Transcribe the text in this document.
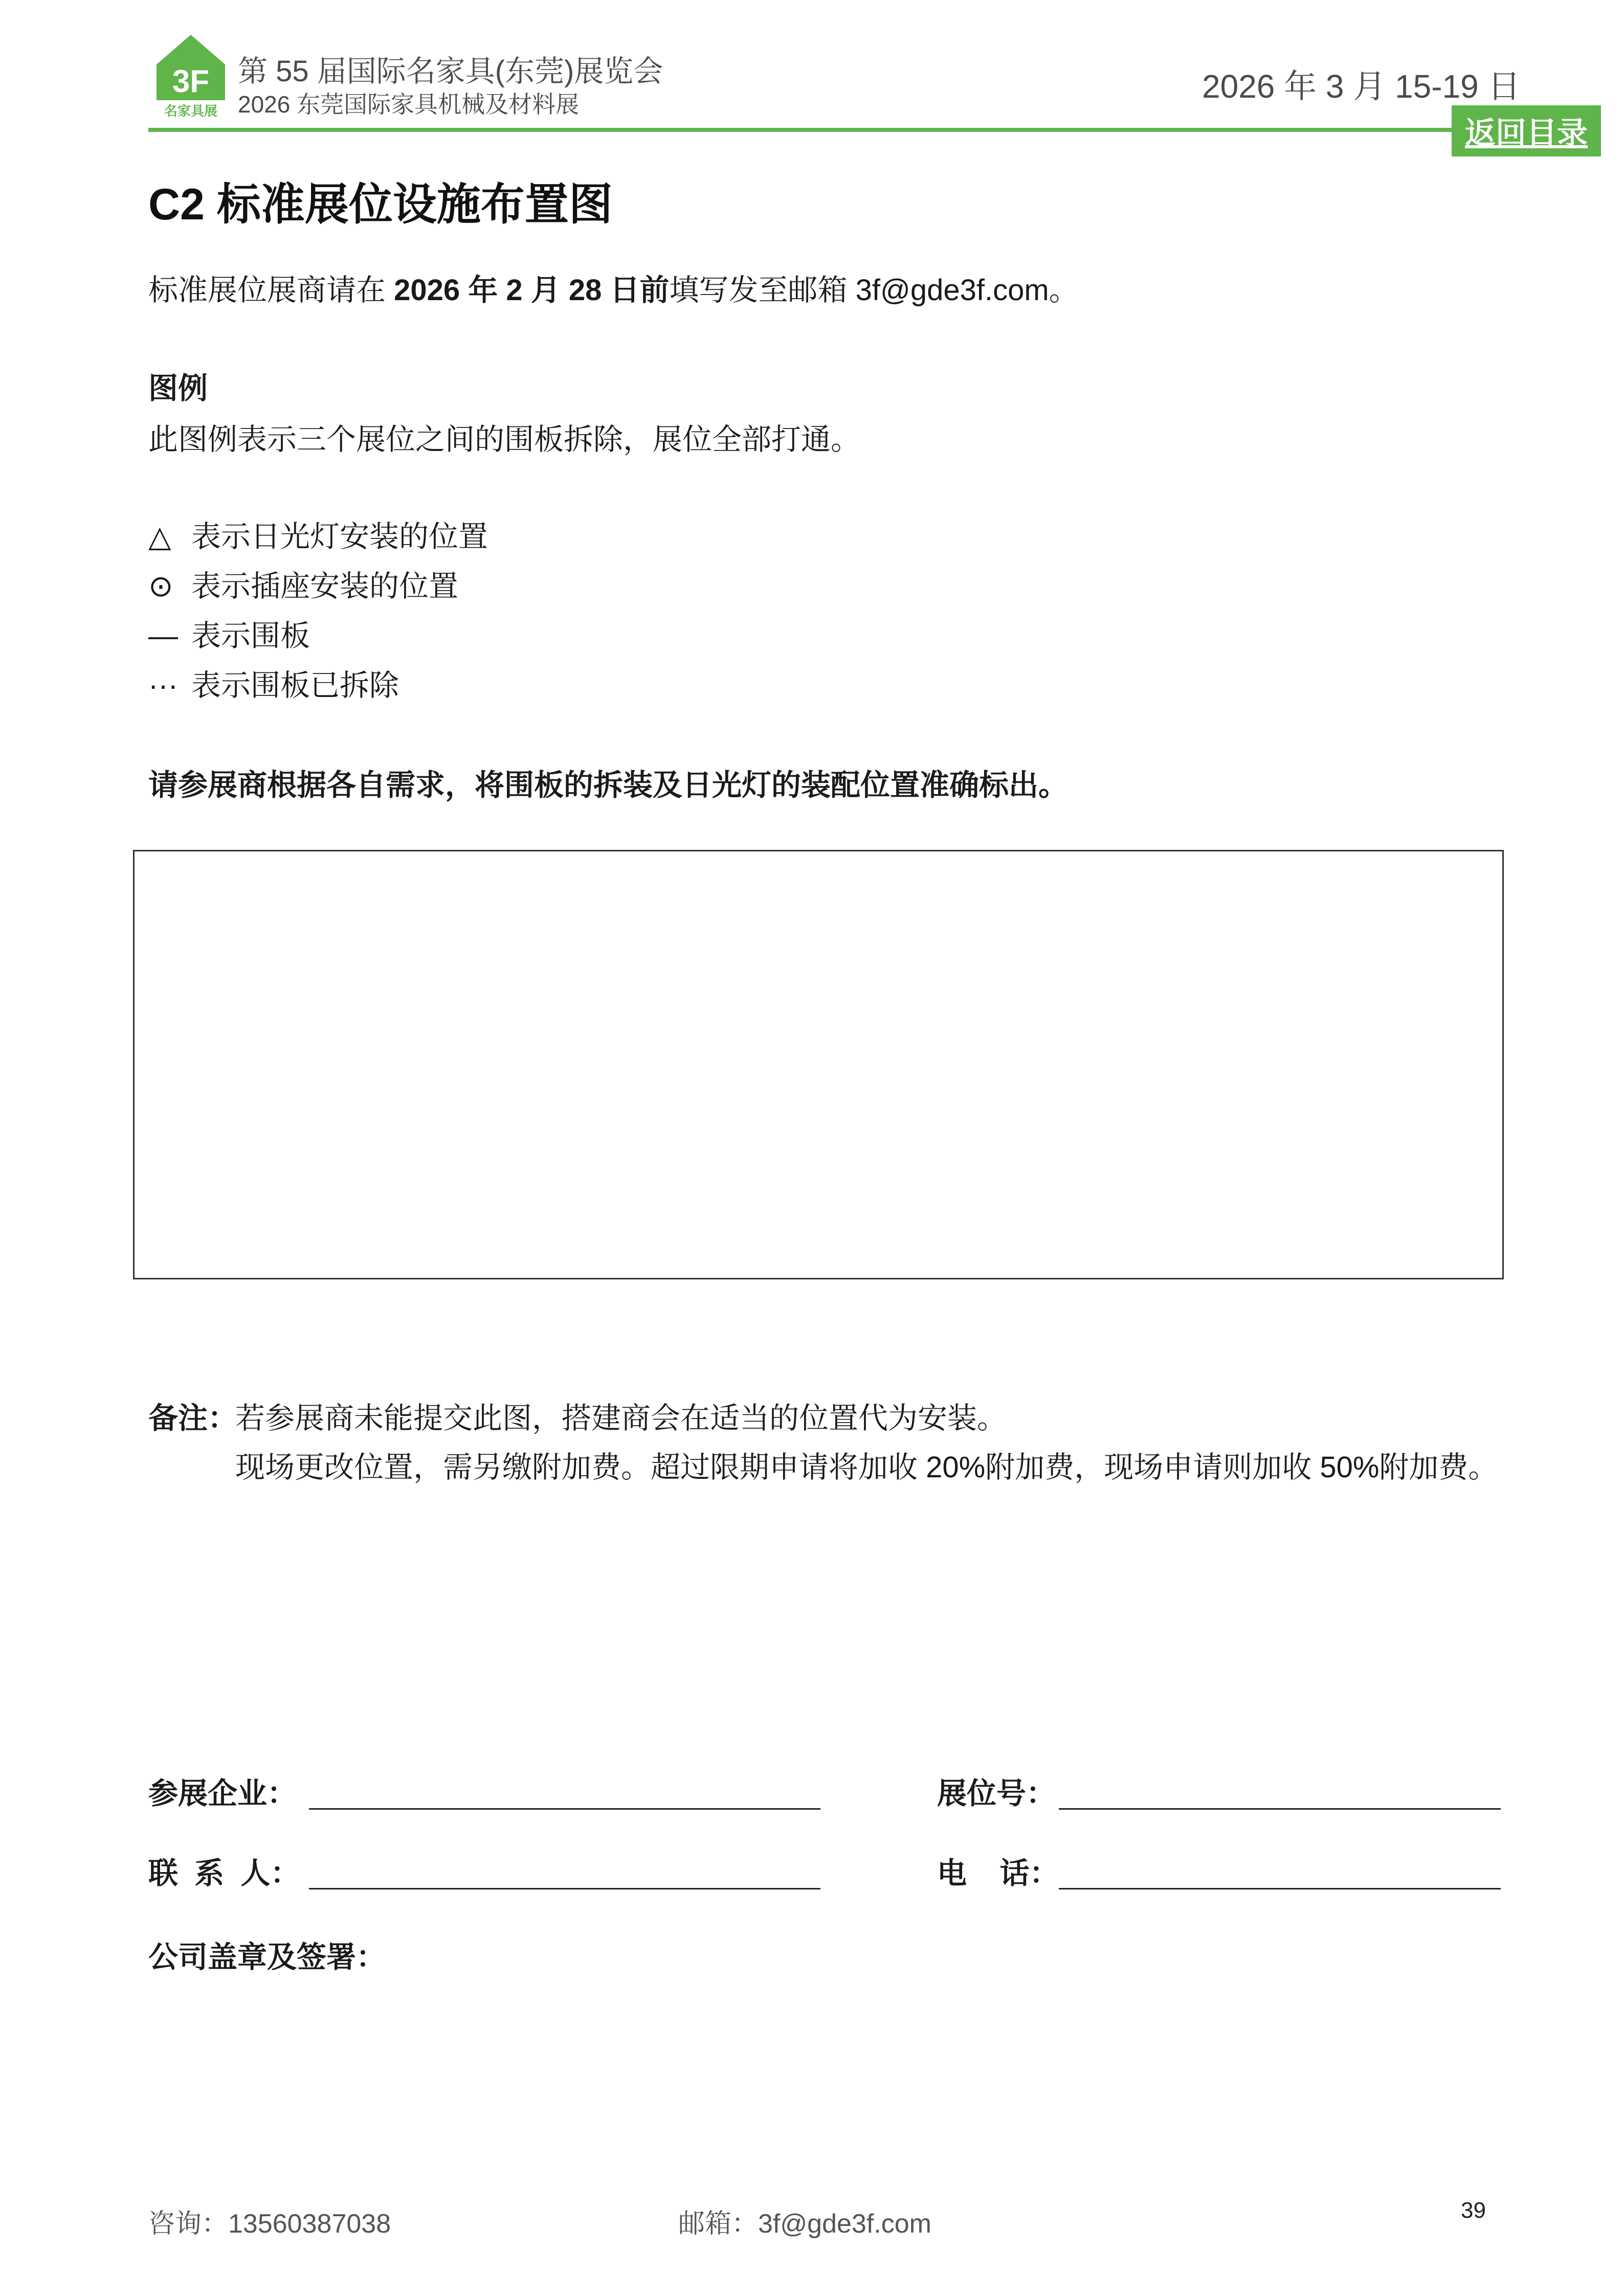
3F
名家具展
第 55 届国际名家具(东莞)展览会
2026 东莞国际家具机械及材料展	2026 年 3 月 15-19 日
返回目录
C2 标准展位设施布置图
标准展位展商请在 2026 年 2 月 28 日前填写发至邮箱 3f@gde3f.com。
图例
此图例表示三个展位之间的围板拆除，展位全部打通。
△ 表示日光灯安装的位置
⊙ 表示插座安装的位置
— 表示围板
··· 表示围板已拆除
请参展商根据各自需求，将围板的拆装及日光灯的装配位置准确标出。
备注：
若参展商未能提交此图，搭建商会在适当的位置代为安装。
现场更改位置，需另缴附加费。超过限期申请将加收 20%附加费，现场申请则加收 50%附加费。
参展企业：	展位号：
联  系  人：	电    话：
公司盖章及签署：
咨询：13560387038	邮箱：3f@gde3f.com	39
